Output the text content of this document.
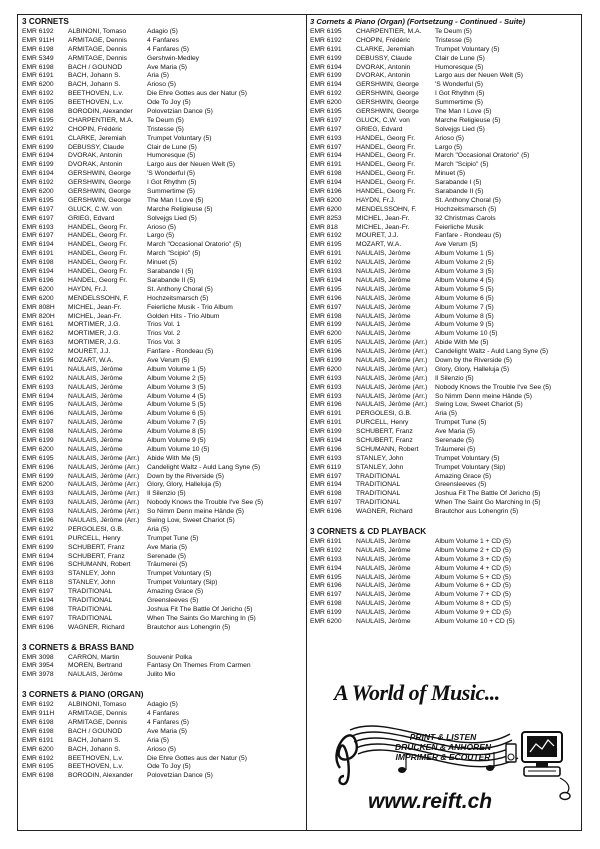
3 CORNETS
EMR 6192	ALBINONI, Tomaso	Adagio (5)
EMR 911H	ARMITAGE, Dennis	4 Fanfares
EMR 6198	ARMITAGE, Dennis	4 Fanfares (5)
EMR 5349	ARMITAGE, Dennis	Gershwin-Medley
EMR 6198	BACH / GOUNOD	Ave Maria (5)
EMR 6191	BACH, Johann S.	Aria (5)
EMR 6200	BACH, Johann S.	Arioso (5)
EMR 6192	BEETHOVEN, L.v.	Die Ehre Gottes aus der Natur (5)
EMR 6195	BEETHOVEN, L.v.	Ode To Joy (5)
EMR 6198	BORODIN, Alexander	Polovetzian Dance (5)
EMR 6195	CHARPENTIER, M.A.	Te Deum (5)
EMR 6192	CHOPIN, Frédéric	Tristesse (5)
EMR 6191	CLARKE, Jeremiah	Trumpet Voluntary (5)
EMR 6199	DEBUSSY, Claude	Clair de Lune (5)
EMR 6194	DVORAK, Antonin	Humoresque (5)
EMR 6199	DVORAK, Antonin	Largo aus der Neuen Welt (5)
EMR 6194	GERSHWIN, George	'S Wonderful (5)
EMR 6192	GERSHWIN, George	I Got Rhythm (5)
EMR 6200	GERSHWIN, George	Summertime (5)
EMR 6195	GERSHWIN, George	The Man I Love (5)
EMR 6197	GLUCK, C.W. von	Marche Religieuse (5)
EMR 6197	GRIEG, Edvard	Solvejgs Lied (5)
EMR 6193	HÄNDEL, Georg Fr.	Arioso (5)
EMR 6197	HÄNDEL, Georg Fr.	Largo (5)
EMR 6194	HÄNDEL, Georg Fr.	March "Occasional Oratorio" (5)
EMR 6191	HÄNDEL, Georg Fr.	March "Scipio" (5)
EMR 6198	HÄNDEL, Georg Fr.	Minuet (5)
EMR 6194	HÄNDEL, Georg Fr.	Sarabande I (5)
EMR 6196	HÄNDEL, Georg Fr.	Sarabande II (5)
EMR 6200	HAYDN, Fr.J.	St. Anthony Choral (5)
EMR 6200	MENDELSSOHN, F.	Hochzeitsmarsch (5)
EMR 808H	MICHEL, Jean-Fr.	Feierliche Musik - Trio Album
EMR 820H	MICHEL, Jean-Fr.	Golden Hits - Trio Album
EMR 6161	MORTIMER, J.G.	Trios Vol. 1
EMR 6162	MORTIMER, J.G.	Trios Vol. 2
EMR 6163	MORTIMER, J.G.	Trios Vol. 3
EMR 6192	MOURET, J.J.	Fanfare - Rondeau (5)
EMR 6195	MOZART, W.A.	Ave Verum (5)
EMR 6191	NAULAIS, Jérôme	Album Volume 1 (5)
EMR 6192	NAULAIS, Jérôme	Album Volume 2 (5)
EMR 6193	NAULAIS, Jérôme	Album Volume 3 (5)
EMR 6194	NAULAIS, Jérôme	Album Volume 4 (5)
EMR 6195	NAULAIS, Jérôme	Album Volume 5 (5)
EMR 6196	NAULAIS, Jérôme	Album Volume 6 (5)
EMR 6197	NAULAIS, Jérôme	Album Volume 7 (5)
EMR 6198	NAULAIS, Jérôme	Album Volume 8 (5)
EMR 6199	NAULAIS, Jérôme	Album Volume 9 (5)
EMR 6200	NAULAIS, Jérôme	Album Volume 10 (5)
EMR 6195	NAULAIS, Jérôme (Arr.)	Abide With Me (5)
EMR 6196	NAULAIS, Jérôme (Arr.)	Candelight Waltz - Auld Lang Syne (5)
EMR 6199	NAULAIS, Jérôme (Arr.)	Down by the Riverside (5)
EMR 6200	NAULAIS, Jérôme (Arr.)	Glory, Glory, Halleluja (5)
EMR 6193	NAULAIS, Jérôme (Arr.)	Il Silenzio (5)
EMR 6193	NAULAIS, Jérôme (Arr.)	Nobody Knows the Trouble I've See (5)
EMR 6193	NAULAIS, Jérôme (Arr.)	So Nimm Denn meine Hände (5)
EMR 6196	NAULAIS, Jérôme (Arr.)	Swing Low, Sweet Chariot (5)
EMR 6192	PERGOLESI, G.B.	Aria (5)
EMR 6191	PURCELL, Henry	Trumpet Tune (5)
EMR 6199	SCHUBERT, Franz	Ave Maria (5)
EMR 6194	SCHUBERT, Franz	Serenade (5)
EMR 6196	SCHUMANN, Robert	Träumerei (5)
EMR 6193	STANLEY, John	Trumpet Voluntary (5)
EMR 6118	STANLEY, John	Trumpet Voluntary (Sip)
EMR 6197	TRADITIONAL	Amazing Grace (5)
EMR 6194	TRADITIONAL	Greensleeves (5)
EMR 6198	TRADITIONAL	Joshua Fit The Battle Of Jericho (5)
EMR 6197	TRADITIONAL	When The Saints Go Marching In (5)
EMR 6196	WAGNER, Richard	Brautchor aus Lohengrin (5)
3 CORNETS & BRASS BAND
EMR 3098	CARRON, Martin	Souvenir Polka
EMR 3954	MOREN, Bertrand	Fantasy On Themes From Carmen
EMR 3978	NAULAIS, Jérôme	Julito Mio
3 CORNETS & PIANO (ORGAN)
EMR 6192	ALBINONI, Tomaso	Adagio (5)
EMR 911H	ARMITAGE, Dennis	4 Fanfares
EMR 6198	ARMITAGE, Dennis	4 Fanfares (5)
EMR 6198	BACH / GOUNOD	Ave Maria (5)
EMR 6191	BACH, Johann S.	Aria (5)
EMR 6200	BACH, Johann S.	Arioso (5)
EMR 6192	BEETHOVEN, L.v.	Die Ehre Gottes aus der Natur (5)
EMR 6195	BEETHOVEN, L.v.	Ode To Joy (5)
EMR 6198	BORODIN, Alexander	Polovetzian Dance (5)
3 Cornets & Piano (Organ) (Fortsetzung - Continued - Suite)
EMR 6195	CHARPENTIER, M.A.	Te Deum (5)
EMR 6192	CHOPIN, Frédéric	Tristesse (5)
EMR 6191	CLARKE, Jeremiah	Trumpet Voluntary (5)
EMR 6199	DEBUSSY, Claude	Clair de Lune (5)
EMR 6194	DVORAK, Antonin	Humoresque (5)
EMR 6199	DVORAK, Antonin	Largo aus der Neuen Welt (5)
EMR 6194	GERSHWIN, George	'S Wonderful (5)
EMR 6192	GERSHWIN, George	I Got Rhythm (5)
EMR 6200	GERSHWIN, George	Summertime (5)
EMR 6195	GERSHWIN, George	The Man I Love (5)
EMR 6197	GLUCK, C.W. von	Marche Religieuse (5)
EMR 6197	GRIEG, Edvard	Solvejgs Lied (5)
EMR 6193	HÄNDEL, Georg Fr.	Arioso (5)
EMR 6197	HÄNDEL, Georg Fr.	Largo (5)
EMR 6194	HÄNDEL, Georg Fr.	March "Occasional Oratorio" (5)
EMR 6191	HÄNDEL, Georg Fr.	March "Scipio" (5)
EMR 6198	HÄNDEL, Georg Fr.	Minuet (5)
EMR 6194	HÄNDEL, Georg Fr.	Sarabande I (5)
EMR 6196	HÄNDEL, Georg Fr.	Sarabande II (5)
EMR 6200	HAYDN, Fr.J.	St. Anthony Choral (5)
EMR 6200	MENDELSSOHN, F.	Hochzeitsmarsch (5)
EMR 8253	MICHEL, Jean-Fr.	32 Christmas Carols
EMR 818	MICHEL, Jean-Fr.	Feierliche Musik
EMR 6192	MOURET, J.J.	Fanfare - Rondeau (5)
EMR 6195	MOZART, W.A.	Ave Verum (5)
EMR 6191	NAULAIS, Jérôme	Album Volume 1 (5)
EMR 6192	NAULAIS, Jérôme	Album Volume 2 (5)
EMR 6193	NAULAIS, Jérôme	Album Volume 3 (5)
EMR 6194	NAULAIS, Jérôme	Album Volume 4 (5)
EMR 6195	NAULAIS, Jérôme	Album Volume 5 (5)
EMR 6196	NAULAIS, Jérôme	Album Volume 6 (5)
EMR 6197	NAULAIS, Jérôme	Album Volume 7 (5)
EMR 6198	NAULAIS, Jérôme	Album Volume 8 (5)
EMR 6199	NAULAIS, Jérôme	Album Volume 9 (5)
EMR 6200	NAULAIS, Jérôme	Album Volume 10 (5)
EMR 6195	NAULAIS, Jérôme (Arr.)	Abide With Me (5)
EMR 6196	NAULAIS, Jérôme (Arr.)	Candelight Waltz - Auld Lang Syne (5)
EMR 6199	NAULAIS, Jérôme (Arr.)	Down by the Riverside (5)
EMR 6200	NAULAIS, Jérôme (Arr.)	Glory, Glory, Halleluja (5)
EMR 6193	NAULAIS, Jérôme (Arr.)	Il Silenzio (5)
EMR 6193	NAULAIS, Jérôme (Arr.)	Nobody Knows the Trouble I've See (5)
EMR 6193	NAULAIS, Jérôme (Arr.)	So Nimm Denn meine Hände (5)
EMR 6196	NAULAIS, Jérôme (Arr.)	Swing Low, Sweet Chariot (5)
EMR 6191	PERGOLESI, G.B.	Aria (5)
EMR 6191	PURCELL, Henry	Trumpet Tune (5)
EMR 6199	SCHUBERT, Franz	Ave Maria (5)
EMR 6194	SCHUBERT, Franz	Serenade (5)
EMR 6196	SCHUMANN, Robert	Träumerei (5)
EMR 6193	STANLEY, John	Trumpet Voluntary (5)
EMR 6119	STANLEY, John	Trumpet Voluntary (Sip)
EMR 6197	TRADITIONAL	Amazing Grace (5)
EMR 6194	TRADITIONAL	Greensleeves (5)
EMR 6198	TRADITIONAL	Joshua Fit The Battle Of Jericho (5)
EMR 6197	TRADITIONAL	When The Saint Go Marching In (5)
EMR 6196	WAGNER, Richard	Brautchor aus Lohengrin (5)
3 CORNETS & CD PLAYBACK
EMR 6191	NAULAIS, Jérôme	Album Volume 1 + CD (5)
EMR 6192	NAULAIS, Jérôme	Album Volume 2 + CD (5)
EMR 6193	NAULAIS, Jérôme	Album Volume 3 + CD (5)
EMR 6194	NAULAIS, Jérôme	Album Volume 4 + CD (5)
EMR 6195	NAULAIS, Jérôme	Album Volume 5 + CD (5)
EMR 6196	NAULAIS, Jérôme	Album Volume 6 + CD (5)
EMR 6197	NAULAIS, Jérôme	Album Volume 7 + CD (5)
EMR 6198	NAULAIS, Jérôme	Album Volume 8 + CD (5)
EMR 6199	NAULAIS, Jérôme	Album Volume 9 + CD (5)
EMR 6200	NAULAIS, Jérôme	Album Volume 10 + CD (5)
A World of Music...
PRINT & LISTEN
DRUCKEN & ANHÖREN
IMPRIMER & ECOUTER
www.reift.ch
